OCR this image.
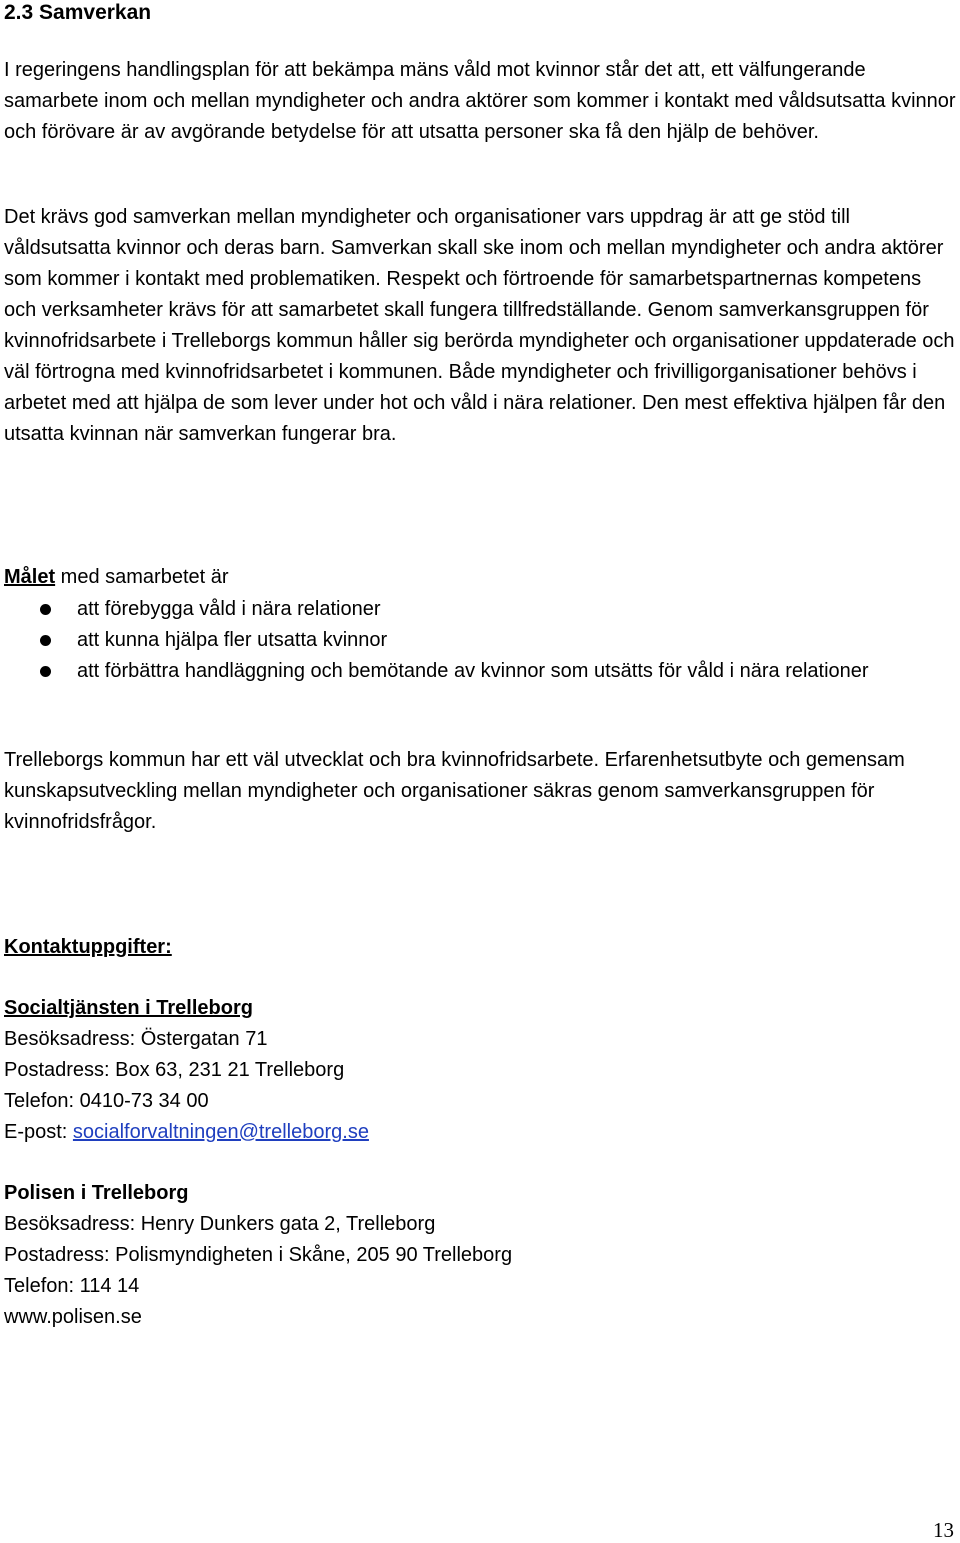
2.3 Samverkan

I regeringens handlingsplan för att bekämpa mäns våld mot kvinnor står det att, ett välfungerande samarbete inom och mellan myndigheter och andra aktörer som kommer i kontakt med våldsutsatta kvinnor och förövare är av avgörande betydelse för att utsatta personer ska få den hjälp de behöver.

Det krävs god samverkan mellan myndigheter och organisationer vars uppdrag är att ge stöd till våldsutsatta kvinnor och deras barn. Samverkan skall ske inom och mellan myndigheter och andra aktörer som kommer i kontakt med problematiken. Respekt och förtroende för samarbetspartnernas kompetens och verksamheter krävs för att samarbetet skall fungera tillfredställande. Genom samverkansgruppen för kvinnofridsarbete i Trelleborgs kommun håller sig berörda myndigheter och organisationer uppdaterade och väl förtrogna med kvinnofridsarbetet i kommunen. Både myndigheter och frivilligorganisationer behövs i arbetet med att hjälpa de som lever under hot och våld i nära relationer. Den mest effektiva hjälpen får den utsatta kvinnan när samverkan fungerar bra.

Målet med samarbetet är

att förebygga våld i nära relationer
att kunna hjälpa fler utsatta kvinnor
att förbättra handläggning och bemötande av kvinnor som utsätts för våld i nära relationer

Trelleborgs kommun har ett väl utvecklat och bra kvinnofridsarbete. Erfarenhetsutbyte och gemensam kunskapsutveckling mellan myndigheter och organisationer säkras genom samverkansgruppen för kvinnofridsfrågor.

Kontaktuppgifter:

Socialtjänsten i Trelleborg
Besöksadress: Östergatan 71
Postadress: Box 63, 231 21 Trelleborg
Telefon: 0410-73 34 00
E-post: socialforvaltningen@trelleborg.se
Polisen i Trelleborg
Besöksadress: Henry Dunkers gata 2, Trelleborg
Postadress: Polismyndigheten i Skåne, 205 90 Trelleborg
Telefon: 114 14
www.polisen.se
13
